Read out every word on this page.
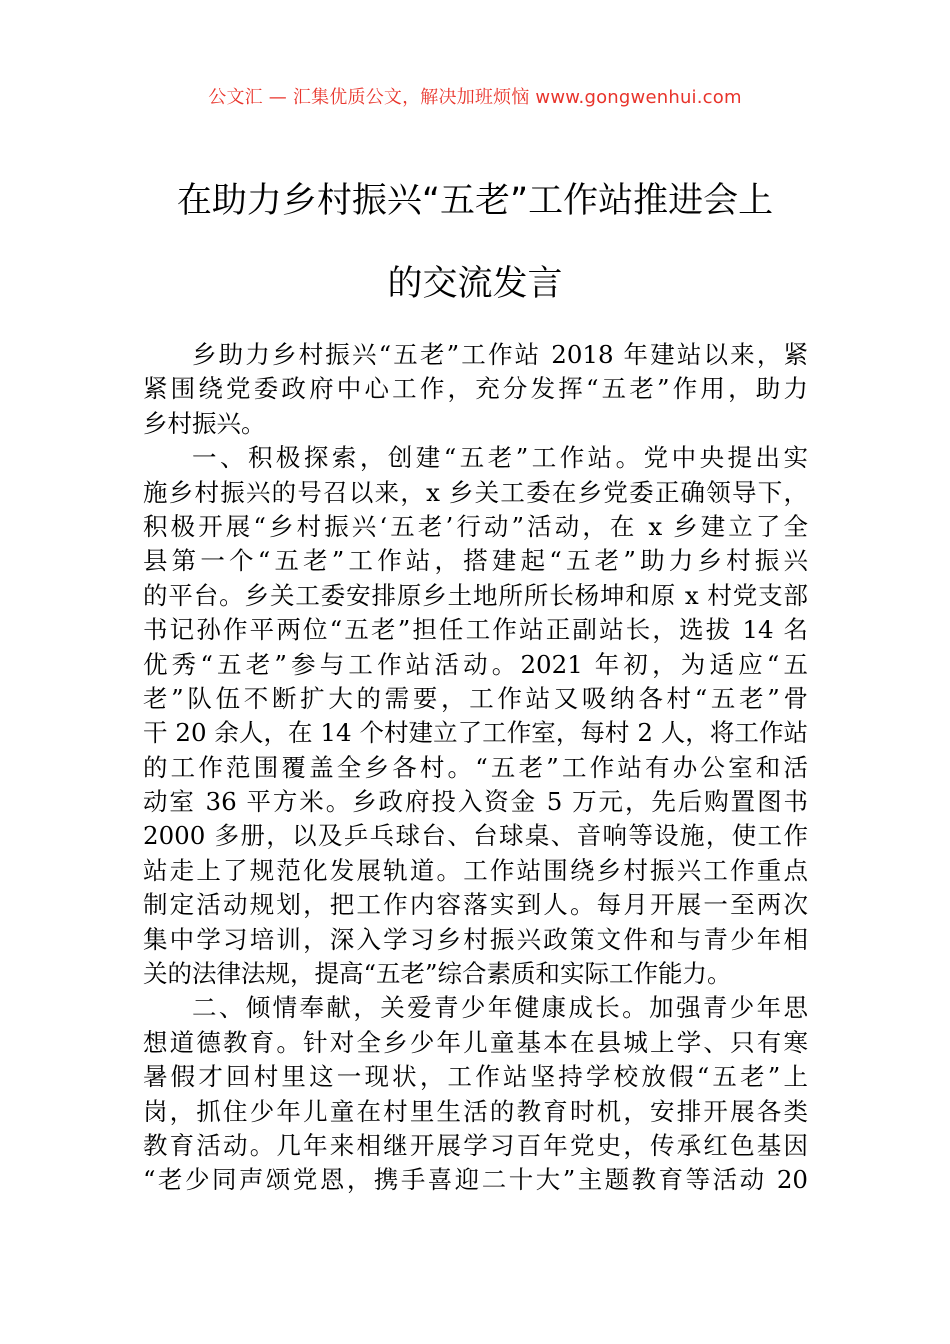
公文汇 — 汇集优质公文，解决加班烦恼 www.gongwenhui.com
在助力乡村振兴“五老”工作站推进会上
的交流发言
乡助力乡村振兴“五老”工作站 2018 年建站以来，紧
紧围绕党委政府中心工作，充分发挥“五老”作用，助力
乡村振兴。
一、积极探索，创建“五老”工作站。党中央提出实
施乡村振兴的号召以来，x 乡关工委在乡党委正确领导下，
积极开展“乡村振兴‘五老’行动”活动，在 x 乡建立了全
县第一个“五老”工作站，搭建起“五老”助力乡村振兴
的平台。乡关工委安排原乡土地所所长杨坤和原 x 村党支部
书记孙作平两位“五老”担任工作站正副站长，选拔 14 名
优秀“五老”参与工作站活动。2021 年初，为适应“五
老”队伍不断扩大的需要，工作站又吸纳各村“五老”骨
干 20 余人，在 14 个村建立了工作室，每村 2 人，将工作站
的工作范围覆盖全乡各村。“五老”工作站有办公室和活
动室 36 平方米。乡政府投入资金 5 万元，先后购置图书
2000 多册，以及乒乓球台、台球桌、音响等设施，使工作
站走上了规范化发展轨道。工作站围绕乡村振兴工作重点
制定活动规划，把工作内容落实到人。每月开展一至两次
集中学习培训，深入学习乡村振兴政策文件和与青少年相
关的法律法规，提高“五老”综合素质和实际工作能力。
二、倾情奉献，关爱青少年健康成长。加强青少年思
想道德教育。针对全乡少年儿童基本在县城上学、只有寒
暑假才回村里这一现状，工作站坚持学校放假“五老”上
岗，抓住少年儿童在村里生活的教育时机，安排开展各类
教育活动。几年来相继开展学习百年党史，传承红色基因
“老少同声颂党恩，携手喜迎二十大”主题教育等活动 20
